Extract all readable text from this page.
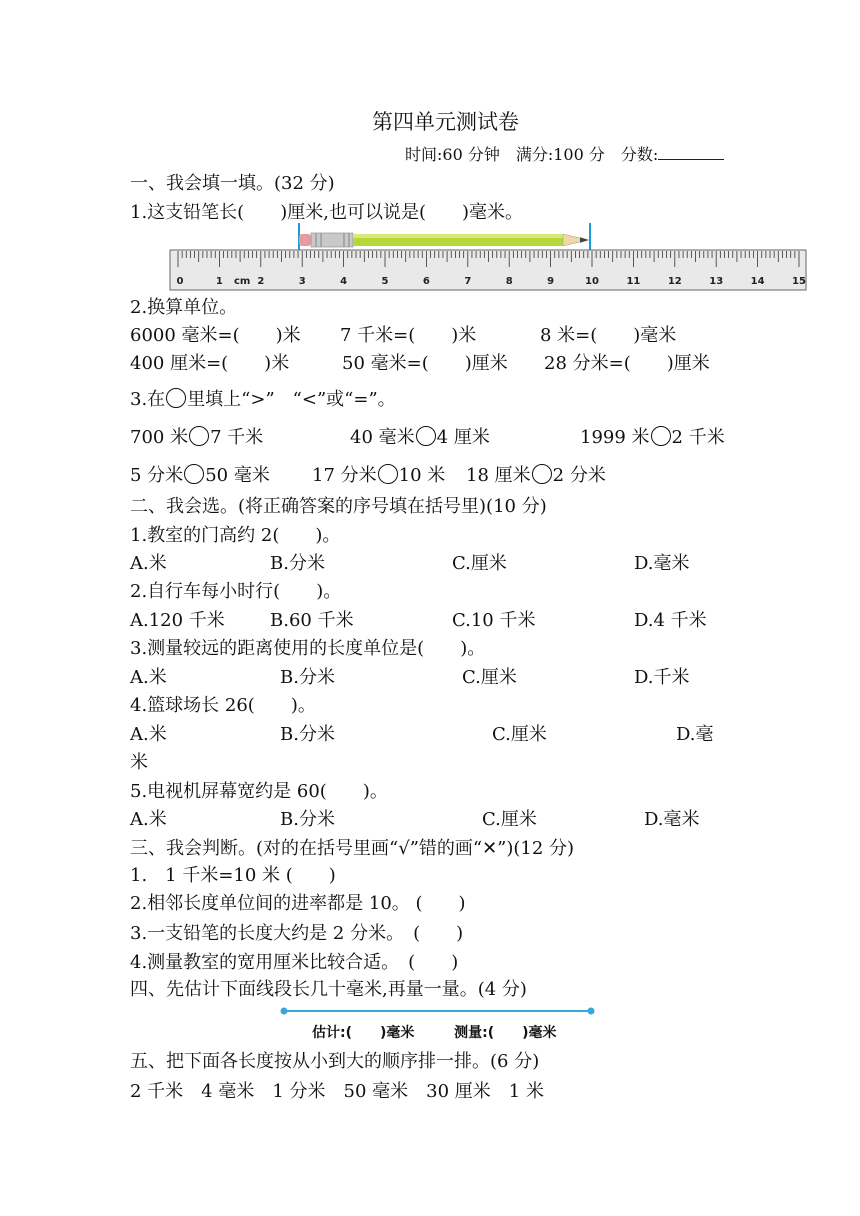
第四单元测试卷
时间:60 分钟　满分:100 分　分数:
一、我会填一填。(32 分)
1.这支铅笔长(　　)厘米,也可以说是(　　)毫米。
0	1 cm 2	3	4	5	6	7	8	9	10	11	12	13	14	15
2.换算单位。
6000 毫米=(　　)米 7 千米=(　　)米	8 米=(　　)毫米
400 厘米=(　　)米	50 毫米=(　　)厘米 28 分米=(　　)厘米
3.在 里填上“>”　“<”或“=”。
700 米 7 千米	40 毫米 4 厘米	1999 米 2 千米
5 分米 50 毫米 17 分米 10 米 18 厘米 2 分米
二、我会选。(将正确答案的序号填在括号里)(10 分)
1.教室的门高约 2(　　)。
A.米	B.分米	C.厘米	D.毫米
2.自行车每小时行(　　)。
A.120 千米	B.60 千米	C.10 千米	D.4 千米
3.测量较远的距离使用的长度单位是(　　)。
A.米	B.分米	C.厘米	D.千米
4.篮球场长 26(　　)。
A.米	B.分米	C.厘米	D.毫
米
5.电视机屏幕宽约是 60(　　)。
A.米	B.分米	C.厘米	D.毫米
三、我会判断。(对的在括号里画“√”错的画“✕”)(12 分)
1.　1 千米=10 米 (　　)
2.相邻长度单位间的进率都是 10。 (　　)
3.一支铅笔的长度大约是 2 分米。　(　　)
4.测量教室的宽用厘米比较合适。　(　　)
四、先估计下面线段长几十毫米,再量一量。(4 分)
估计:(　　)毫米	测量:(　　)毫米
五、把下面各长度按从小到大的顺序排一排。(6 分)
2 千米　4 毫米　1 分米　50 毫米　30 厘米　1 米
